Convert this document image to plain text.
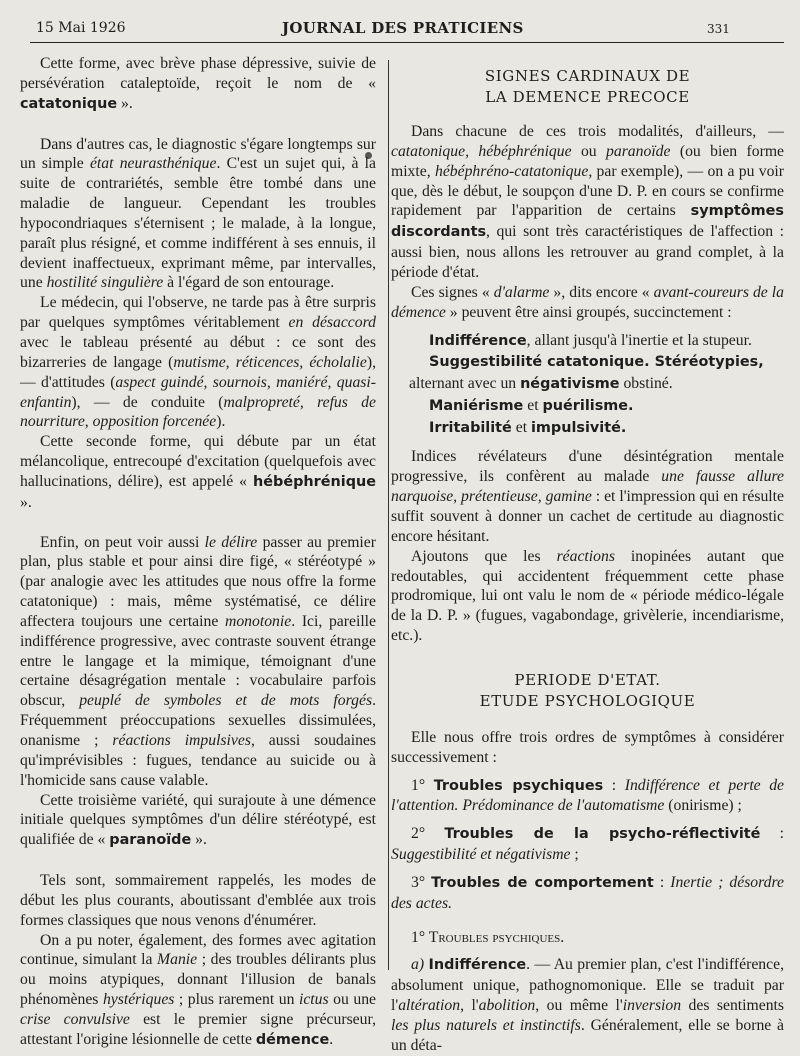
15 Mai 1926	JOURNAL DES PRATICIENS	331

Cette forme, avec brève phase dépressive, suivie de persévération cataleptoïde, reçoit le nom de « catatonique ».

Dans d'autres cas, le diagnostic s'égare longtemps sur un simple état neurasthénique. C'est un sujet qui, à la suite de contrariétés, semble être tombé dans une maladie de langueur. Cependant les troubles hypocondriaques s'éternisent ; le malade, à la longue, paraît plus résigné, et comme indifférent à ses ennuis, il devient inaffectueux, exprimant même, par intervalles, une hostilité singulière à l'égard de son entourage.

Le médecin, qui l'observe, ne tarde pas à être surpris par quelques symptômes véritablement en désaccord avec le tableau présenté au début : ce sont des bizarreries de langage (mutisme, réticences, écholalie), — d'attitudes (aspect guindé, sournois, maniéré, quasi-enfantin), — de conduite (malpropreté, refus de nourriture, opposition forcenée).

Cette seconde forme, qui débute par un état mélancolique, entrecoupé d'excitation (quelquefois avec hallucinations, délire), est appelé « hébéphrénique ».

Enfin, on peut voir aussi le délire passer au premier plan, plus stable et pour ainsi dire figé, « stéréotypé » (par analogie avec les attitudes que nous offre la forme catatonique) : mais, même systématisé, ce délire affectera toujours une certaine monotonie. Ici, pareille indifférence progressive, avec contraste souvent étrange entre le langage et la mimique, témoignant d'une certaine désagrégation mentale : vocabulaire parfois obscur, peuplé de symboles et de mots forgés. Fréquemment préoccupations sexuelles dissimulées, onanisme ; réactions impulsives, aussi soudaines qu'imprévisibles : fugues, tendance au suicide ou à l'homicide sans cause valable.

Cette troisième variété, qui surajoute à une démence initiale quelques symptômes d'un délire stéréotypé, est qualifiée de « paranoïde ».

Tels sont, sommairement rappelés, les modes de début les plus courants, aboutissant d'emblée aux trois formes classiques que nous venons d'énumérer.

On a pu noter, également, des formes avec agitation continue, simulant la Manie ; des troubles délirants plus ou moins atypiques, donnant l'illusion de banals phénomènes hystériques ; plus rarement un ictus ou une crise convulsive est le premier signe précurseur, attestant l'origine lésionnelle de cette démence.

SIGNES CARDINAUX DE
LA DEMENCE PRECOCE

Dans chacune de ces trois modalités, d'ailleurs, — catatonique, hébéphrénique ou paranoïde (ou bien forme mixte, hébéphréno-catatonique, par exemple), — on a pu voir que, dès le début, le soupçon d'une D. P. en cours se confirme rapidement par l'apparition de certains symptômes discordants, qui sont très caractéristiques de l'affection : aussi bien, nous allons les retrouver au grand complet, à la période d'état.

Ces signes « d'alarme », dits encore « avant-coureurs de la démence » peuvent être ainsi groupés, succinctement :

Indifférence, allant jusqu'à l'inertie et la stupeur.

Suggestibilité catatonique. Stéréotypies,
alternant avec un négativisme obstiné.

Maniérisme et puérilisme.

Irritabilité et impulsivité.

Indices révélateurs d'une désintégration mentale progressive, ils confèrent au malade une fausse allure narquoise, prétentieuse, gamine : et l'impression qui en résulte suffit souvent à donner un cachet de certitude au diagnostic encore hésitant.

Ajoutons que les réactions inopinées autant que redoutables, qui accidentent fréquemment cette phase prodromique, lui ont valu le nom de « période médico-légale de la D. P. » (fugues, vagabondage, grivèlerie, incendiarisme, etc.).

PERIODE D'ETAT.
ETUDE PSYCHOLOGIQUE

Elle nous offre trois ordres de symptômes à considérer successivement :

1° Troubles psychiques : Indifférence et perte de l'attention. Prédominance de l'automatisme (onirisme) ;

2° Troubles de la psycho-réflectivité : Suggestibilité et négativisme ;

3° Troubles de comportement : Inertie ; désordre des actes.

1° Troubles psychiques.

a) Indifférence. — Au premier plan, c'est l'indifférence, absolument unique, pathognomonique. Elle se traduit par l'altération, l'abolition, ou même l'inversion des sentiments les plus naturels et instinctifs. Généralement, elle se borne à un déta-
